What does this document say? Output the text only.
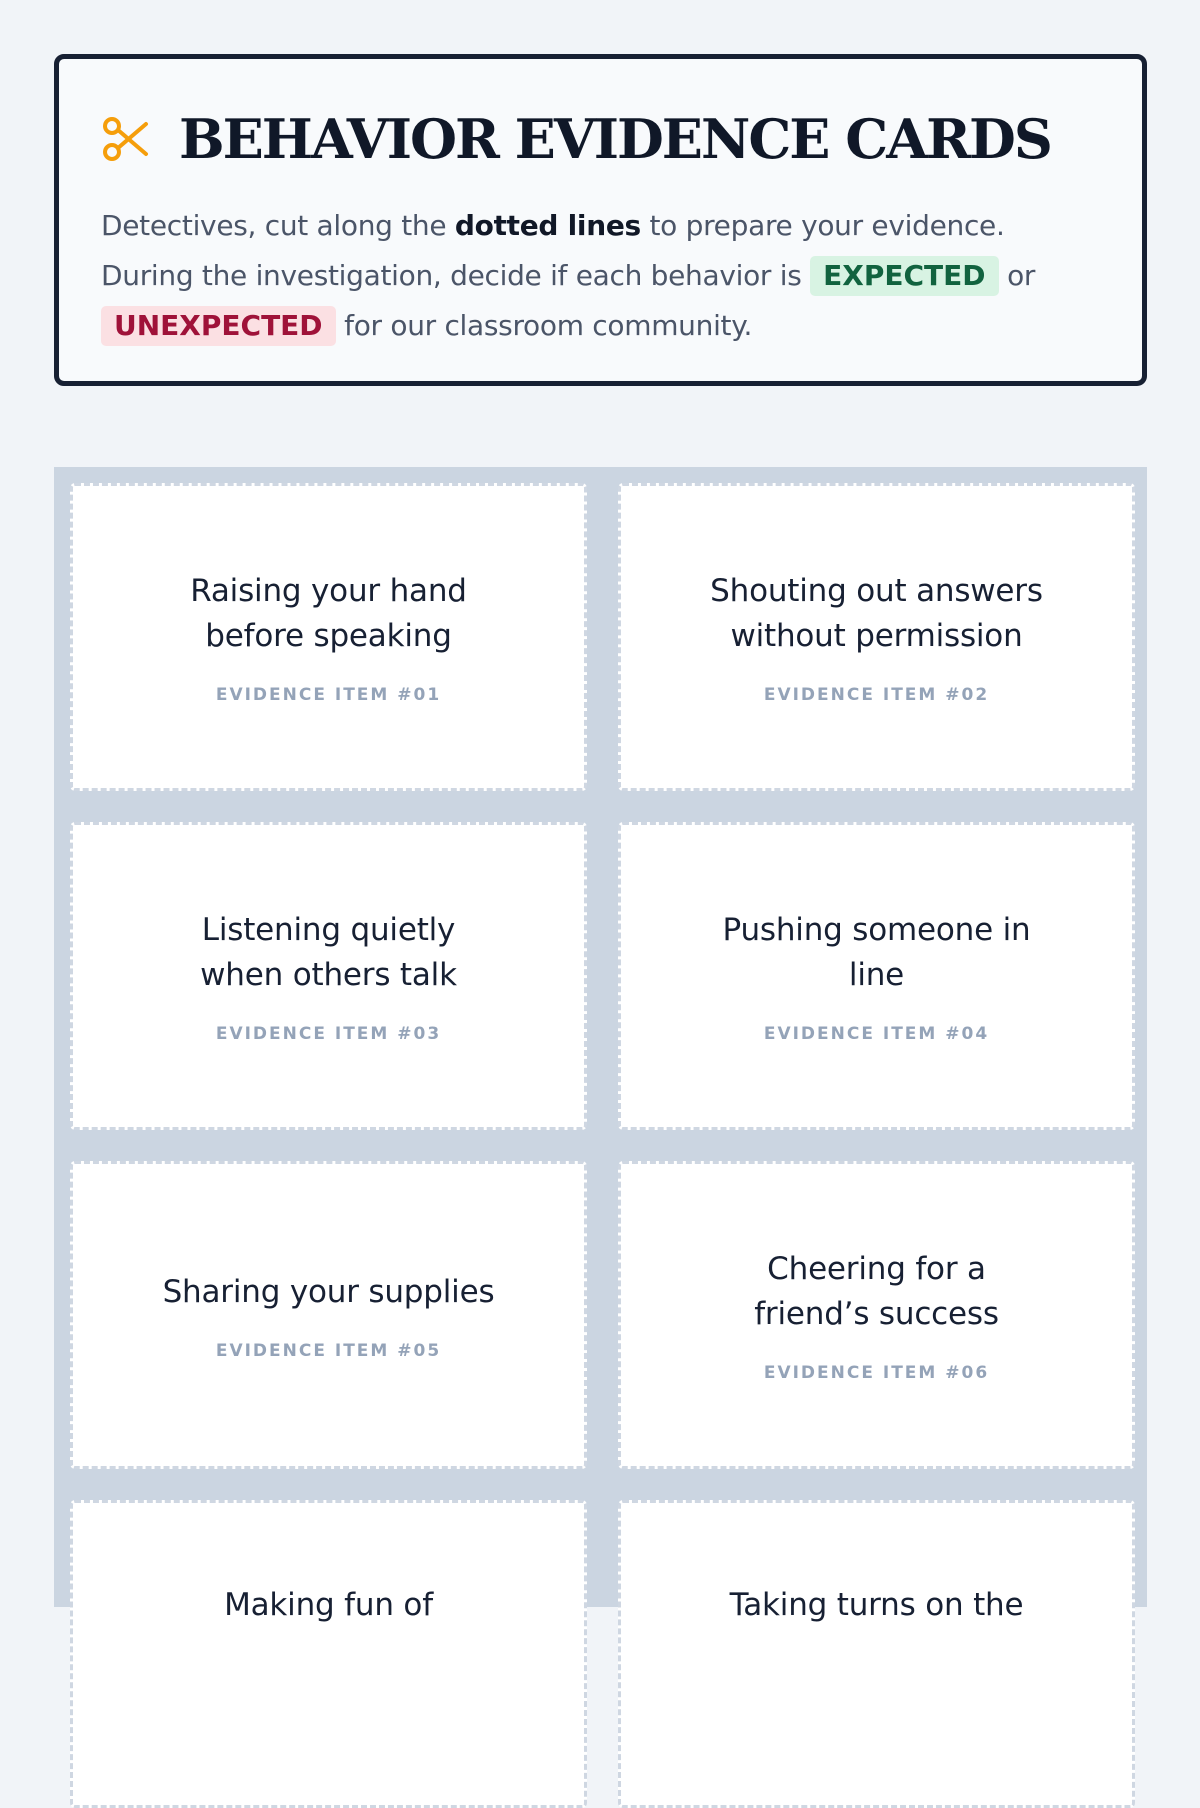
BEHAVIOR EVIDENCE CARDS
Detectives, cut along the dotted lines to prepare your evidence.
During the investigation, decide if each behavior is EXPECTED or
UNEXPECTED for our classroom community.
Raising your hand
before speaking
EVIDENCE ITEM #01
Shouting out answers
without permission
EVIDENCE ITEM #02
Listening quietly
when others talk
EVIDENCE ITEM #03
Pushing someone in
line
EVIDENCE ITEM #04
Sharing your supplies
EVIDENCE ITEM #05
Cheering for a
friend’s success
EVIDENCE ITEM #06
Making fun of	Taking turns on the
